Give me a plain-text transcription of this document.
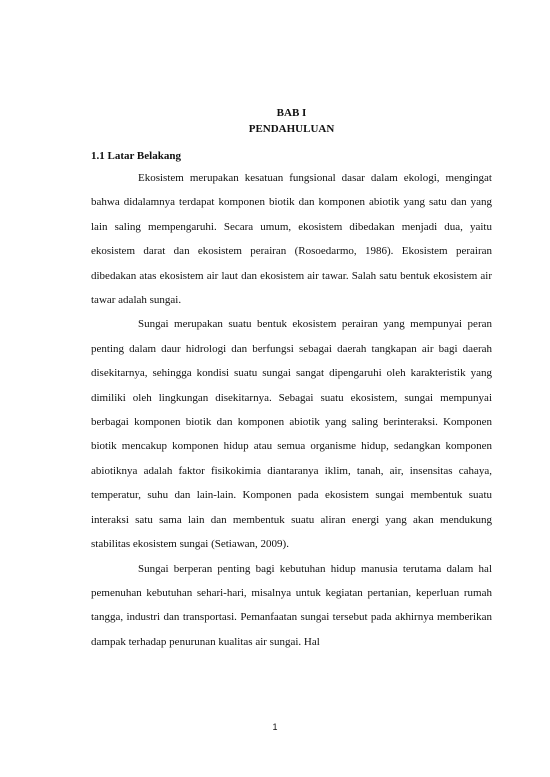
BAB I
PENDAHULUAN
1.1 Latar Belakang

Ekosistem merupakan kesatuan fungsional dasar dalam ekologi, mengingat bahwa didalamnya terdapat komponen biotik dan komponen abiotik yang satu dan yang lain saling mempengaruhi. Secara umum, ekosistem dibedakan menjadi dua, yaitu ekosistem darat dan ekosistem perairan (Rosoedarmo, 1986). Ekosistem perairan dibedakan atas ekosistem air laut dan ekosistem air tawar. Salah satu bentuk ekosistem air tawar adalah sungai.

Sungai merupakan suatu bentuk ekosistem perairan yang mempunyai peran penting dalam daur hidrologi dan berfungsi sebagai daerah tangkapan air bagi daerah disekitarnya, sehingga kondisi suatu sungai sangat dipengaruhi oleh karakteristik yang dimiliki oleh lingkungan disekitarnya. Sebagai suatu ekosistem, sungai mempunyai berbagai komponen biotik dan komponen abiotik yang saling berinteraksi. Komponen biotik mencakup komponen hidup atau semua organisme hidup, sedangkan komponen abiotiknya adalah faktor fisikokimia diantaranya iklim, tanah, air, insensitas cahaya, temperatur, suhu dan lain-lain. Komponen pada ekosistem sungai membentuk suatu interaksi satu sama lain dan membentuk suatu aliran energi yang akan mendukung stabilitas ekosistem sungai (Setiawan, 2009).

Sungai berperan penting bagi kebutuhan hidup manusia terutama dalam hal pemenuhan kebutuhan sehari-hari, misalnya untuk kegiatan pertanian, keperluan rumah tangga, industri dan transportasi. Pemanfaatan sungai tersebut pada akhirnya memberikan dampak terhadap penurunan kualitas air sungai. Hal

1
